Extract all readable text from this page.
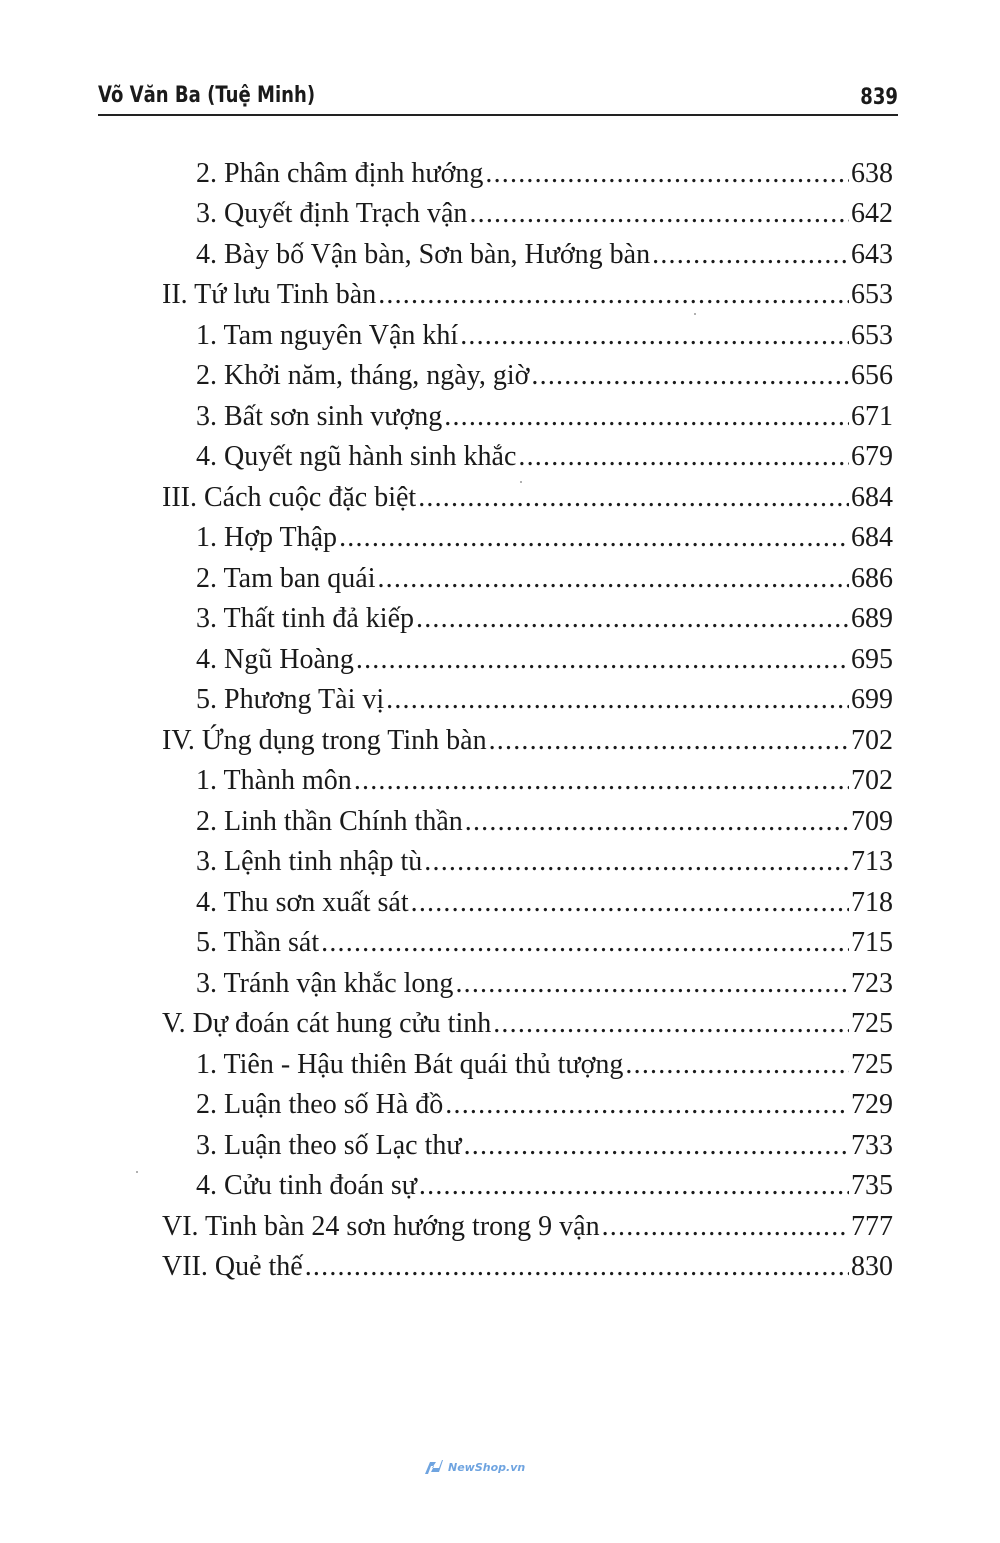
Võ Văn Ba (Tuệ Minh)	839
2. Phân châm định hướng .....	638
3. Quyết định Trạch vận .....	642
4. Bày bố Vận bàn, Sơn bàn, Hướng bàn .....	643
II. Tứ lưu Tinh bàn .....	653
1. Tam nguyên Vận khí .....	653
2. Khởi năm, tháng, ngày, giờ .....	656
3. Bất sơn sinh vượng .....	671
4. Quyết ngũ hành sinh khắc .....	679
III. Cách cuộc đặc biệt .....	684
1. Hợp Thập .....	684
2. Tam ban quái .....	686
3. Thất tinh đả kiếp .....	689
4. Ngũ Hoàng .....	695
5. Phương Tài vị .....	699
IV. Ứng dụng trong Tinh bàn .....	702
1. Thành môn .....	702
2. Linh thần Chính thần .....	709
3. Lệnh tinh nhập tù .....	713
4. Thu sơn xuất sát .....	718
5. Thần sát .....	715
3. Tránh vận khắc long .....	723
V. Dự đoán cát hung cửu tinh .....	725
1. Tiên - Hậu thiên Bát quái thủ tượng .....	725
2. Luận theo số Hà đồ .....	729
3. Luận theo số Lạc thư .....	733
4. Cửu tinh đoán sự .....	735
VI. Tinh bàn 24 sơn hướng trong 9 vận .....	777
VII. Quẻ thế .....	830
NewShop.vn
